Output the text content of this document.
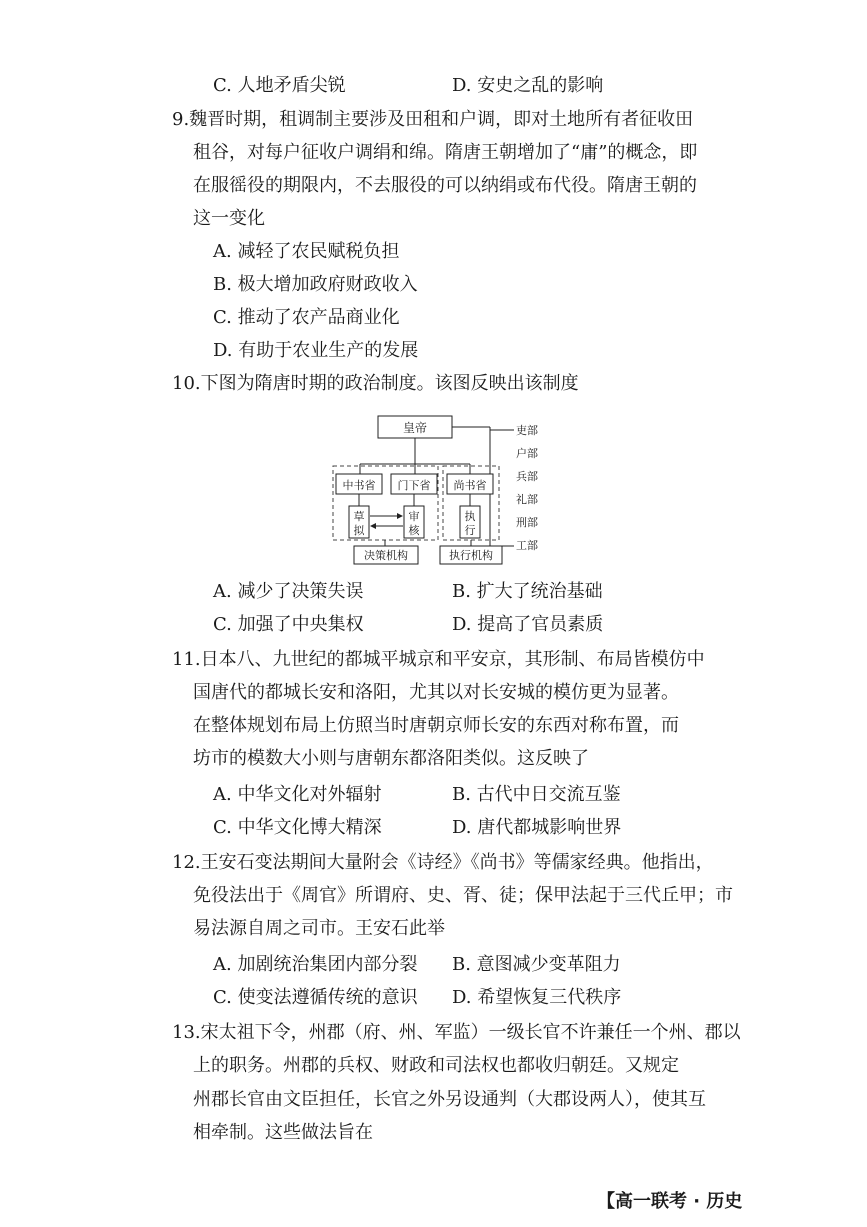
C. 人地矛盾尖锐	D. 安史之乱的影响
9.魏晋时期，租调制主要涉及田租和户调，即对土地所有者征收田
租谷，对每户征收户调绢和绵。隋唐王朝增加了“庸”的概念，即
在服徭役的期限内，不去服役的可以纳绢或布代役。隋唐王朝的
这一变化
A. 减轻了农民赋税负担
B. 极大增加政府财政收入
C. 推动了农产品商业化
D. 有助于农业生产的发展
10.下图为隋唐时期的政治制度。该图反映出该制度
皇帝
中书省 门下省 尚书省
草
拟
审
核
执
行
决策机构	执行机构
吏部
户部
兵部
礼部
刑部
工部
A. 减少了决策失误	B. 扩大了统治基础
C. 加强了中央集权	D. 提高了官员素质
11.日本八、九世纪的都城平城京和平安京，其形制、布局皆模仿中
国唐代的都城长安和洛阳，尤其以对长安城的模仿更为显著。
在整体规划布局上仿照当时唐朝京师长安的东西对称布置，而
坊市的模数大小则与唐朝东都洛阳类似。这反映了
A. 中华文化对外辐射	B. 古代中日交流互鉴
C. 中华文化博大精深	D. 唐代都城影响世界
12.王安石变法期间大量附会《诗经》《尚书》等儒家经典。他指出，
免役法出于《周官》所谓府、史、胥、徒；保甲法起于三代丘甲；市
易法源自周之司市。王安石此举
A. 加剧统治集团内部分裂 B. 意图减少变革阻力
C. 使变法遵循传统的意识 D. 希望恢复三代秩序
13.宋太祖下令，州郡（府、州、军监）一级长官不许兼任一个州、郡以
上的职务。州郡的兵权、财政和司法权也都收归朝廷。又规定
州郡长官由文臣担任，长官之外另设通判（大郡设两人），使其互
相牵制。这些做法旨在
【高一联考 · 历史
